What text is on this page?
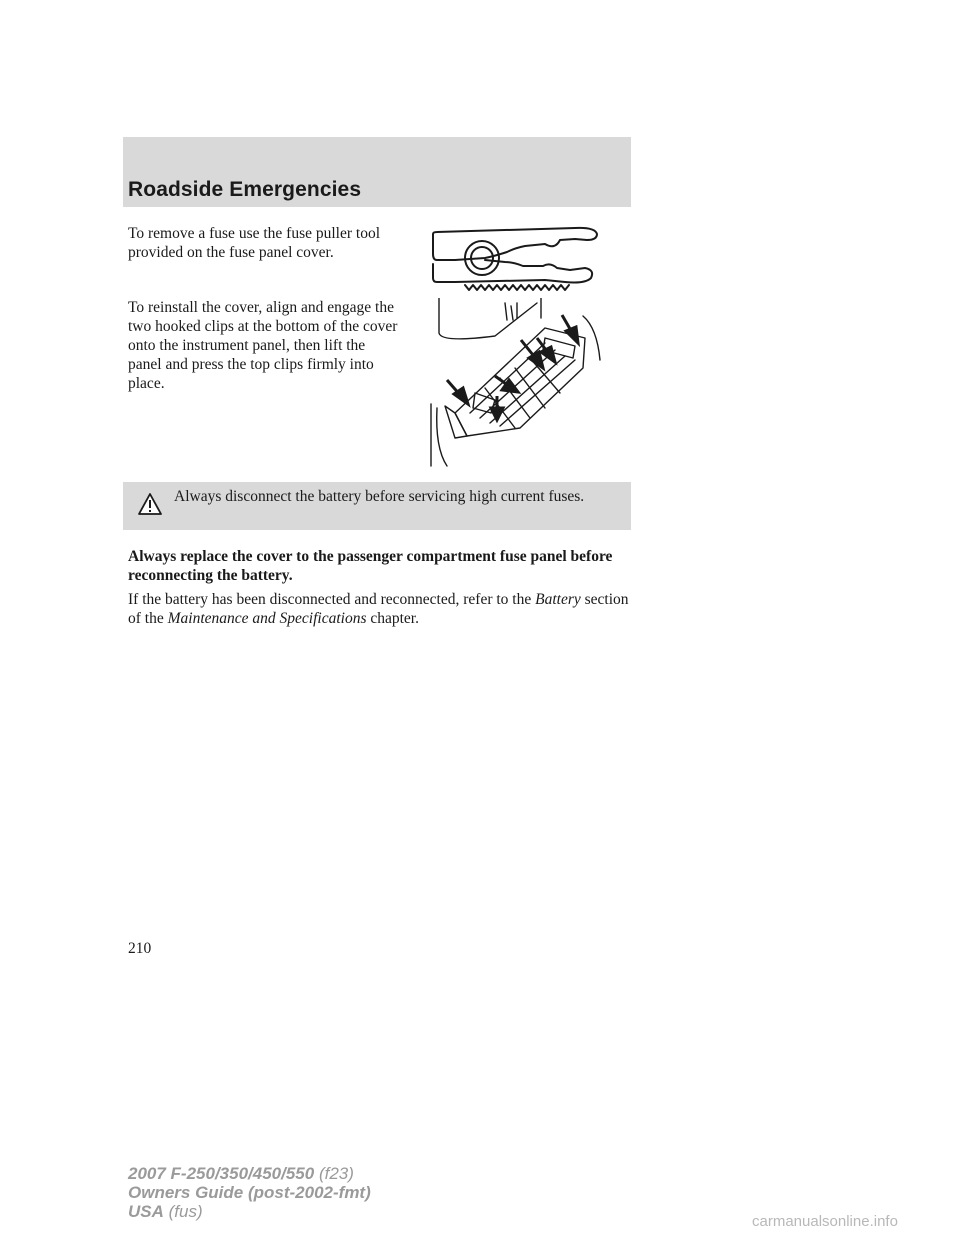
Roadside Emergencies

To remove a fuse use the fuse puller tool provided on the fuse panel cover.

To reinstall the cover, align and engage the two hooked clips at the bottom of the cover onto the instrument panel, then lift the panel and press the top clips firmly into place.

Always disconnect the battery before servicing high current fuses.

Always replace the cover to the passenger compartment fuse panel before reconnecting the battery.

If the battery has been disconnected and reconnected, refer to the Battery section of the Maintenance and Specifications chapter.

210
2007 F-250/350/450/550 (f23)
Owners Guide (post-2002-fmt)
USA (fus)
carmanualsonline.info
